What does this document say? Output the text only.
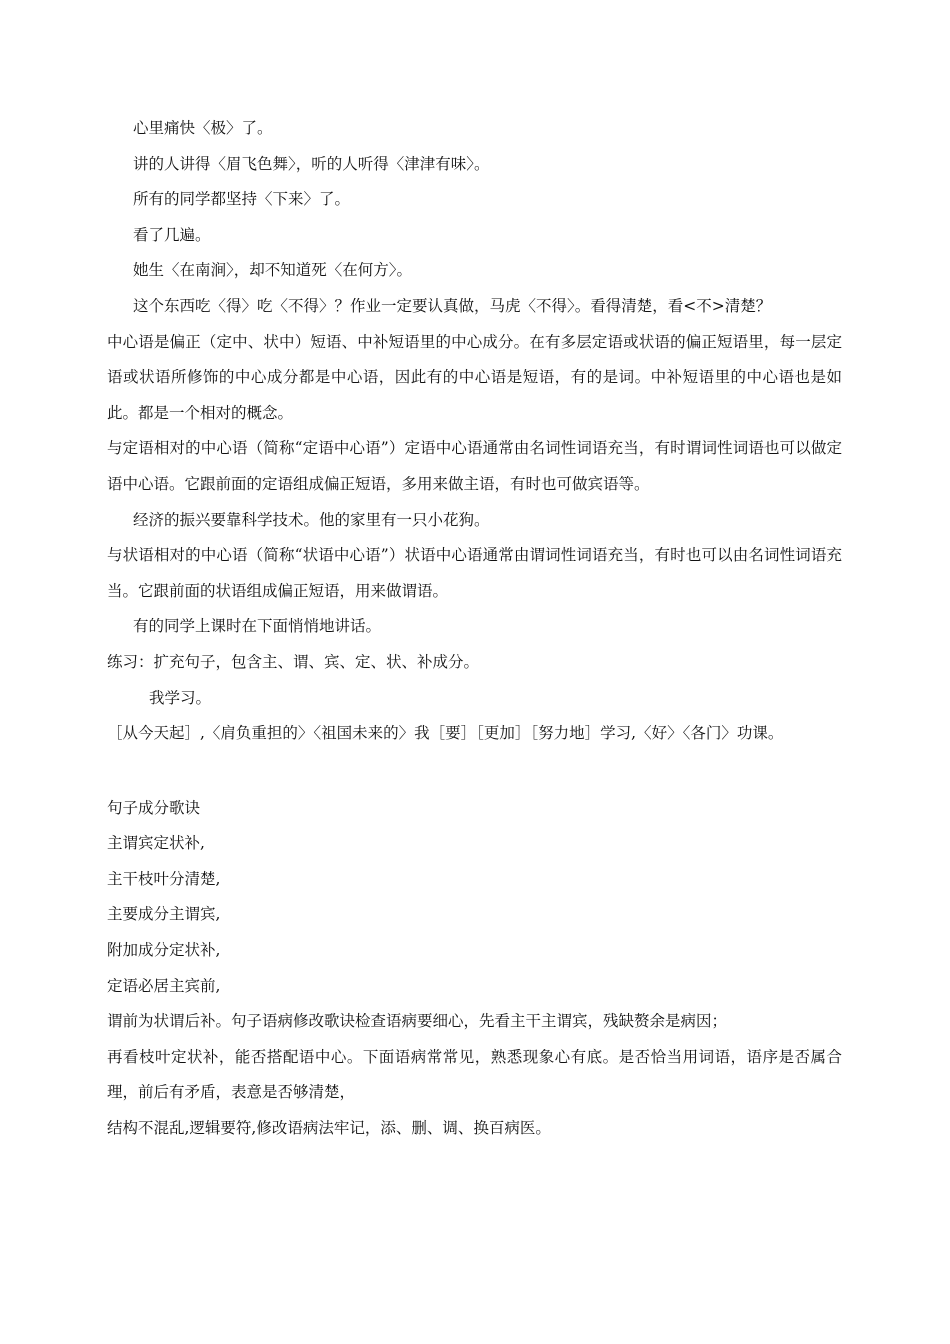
心里痛快〈极〉了。
讲的人讲得〈眉飞色舞〉，听的人听得〈津津有味〉。
所有的同学都坚持〈下来〉了。
看了几遍。
她生〈在南涧〉，却不知道死〈在何方〉。
这个东西吃〈得〉吃〈不得〉？作业一定要认真做，马虎〈不得〉。看得清楚，看<不>清楚？
中心语是偏正（定中、状中）短语、中补短语里的中心成分。在有多层定语或状语的偏正短语里，每一层定语或状语所修饰的中心成分都是中心语，因此有的中心语是短语，有的是词。中补短语里的中心语也是如此。都是一个相对的概念。
与定语相对的中心语（简称“定语中心语”）定语中心语通常由名词性词语充当，有时谓词性词语也可以做定语中心语。它跟前面的定语组成偏正短语，多用来做主语，有时也可做宾语等。
经济的振兴要靠科学技术。他的家里有一只小花狗。
与状语相对的中心语（简称“状语中心语”）状语中心语通常由谓词性词语充当，有时也可以由名词性词语充当。它跟前面的状语组成偏正短语，用来做谓语。
有的同学上课时在下面悄悄地讲话。
练习：扩充句子，包含主、谓、宾、定、状、补成分。
我学习。
［从今天起］,〈肩负重担的〉〈祖国未来的〉我［要］［更加］［努力地］学习,〈好〉〈各门〉功课。
句子成分歌诀
主谓宾定状补,
主干枝叶分清楚,
主要成分主谓宾,
附加成分定状补,
定语必居主宾前,
谓前为状谓后补。句子语病修改歌诀检查语病要细心，先看主干主谓宾，残缺赘余是病因；
再看枝叶定状补，能否搭配语中心。下面语病常常见，熟悉现象心有底。是否恰当用词语，语序是否属合理，前后有矛盾，表意是否够清楚，
结构不混乱,逻辑要符,修改语病法牢记，添、删、调、换百病医。
